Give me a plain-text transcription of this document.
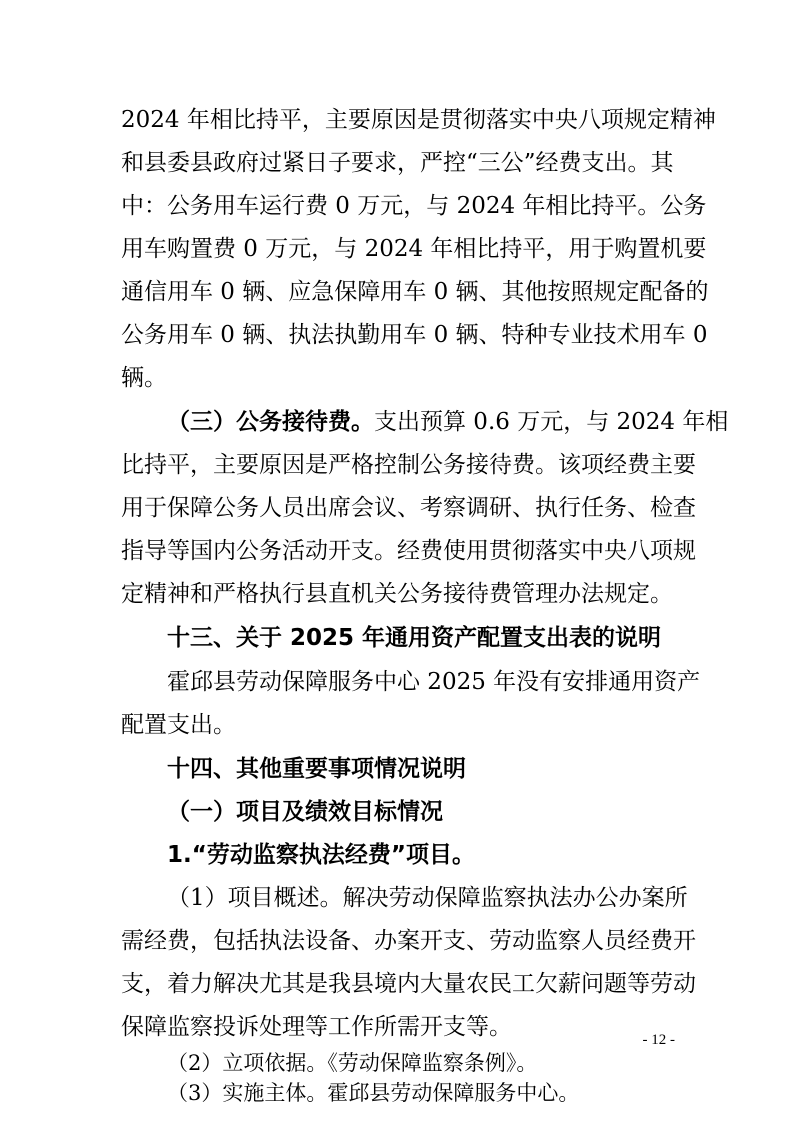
2024 年相比持平，主要原因是贯彻落实中央八项规定精神
和县委县政府过紧日子要求，严控“三公”经费支出。其
中：公务用车运行费 0 万元，与 2024 年相比持平。公务
用车购置费 0 万元，与 2024 年相比持平，用于购置机要
通信用车 0 辆、应急保障用车 0 辆、其他按照规定配备的
公务用车 0 辆、执法执勤用车 0 辆、特种专业技术用车 0
辆。
（三）公务接待费。支出预算 0.6 万元，与 2024 年相
比持平，主要原因是严格控制公务接待费。该项经费主要
用于保障公务人员出席会议、考察调研、执行任务、检查
指导等国内公务活动开支。经费使用贯彻落实中央八项规
定精神和严格执行县直机关公务接待费管理办法规定。
十三、关于 2025 年通用资产配置支出表的说明
霍邱县劳动保障服务中心 2025 年没有安排通用资产
配置支出。
十四、其他重要事项情况说明
（一）项目及绩效目标情况
1.“劳动监察执法经费”项目。
（1）项目概述。解决劳动保障监察执法办公办案所
需经费，包括执法设备、办案开支、劳动监察人员经费开
支，着力解决尤其是我县境内大量农民工欠薪问题等劳动
保障监察投诉处理等工作所需开支等。
（2）立项依据。《劳动保障监察条例》。
（3）实施主体。霍邱县劳动保障服务中心。
- 12 -
